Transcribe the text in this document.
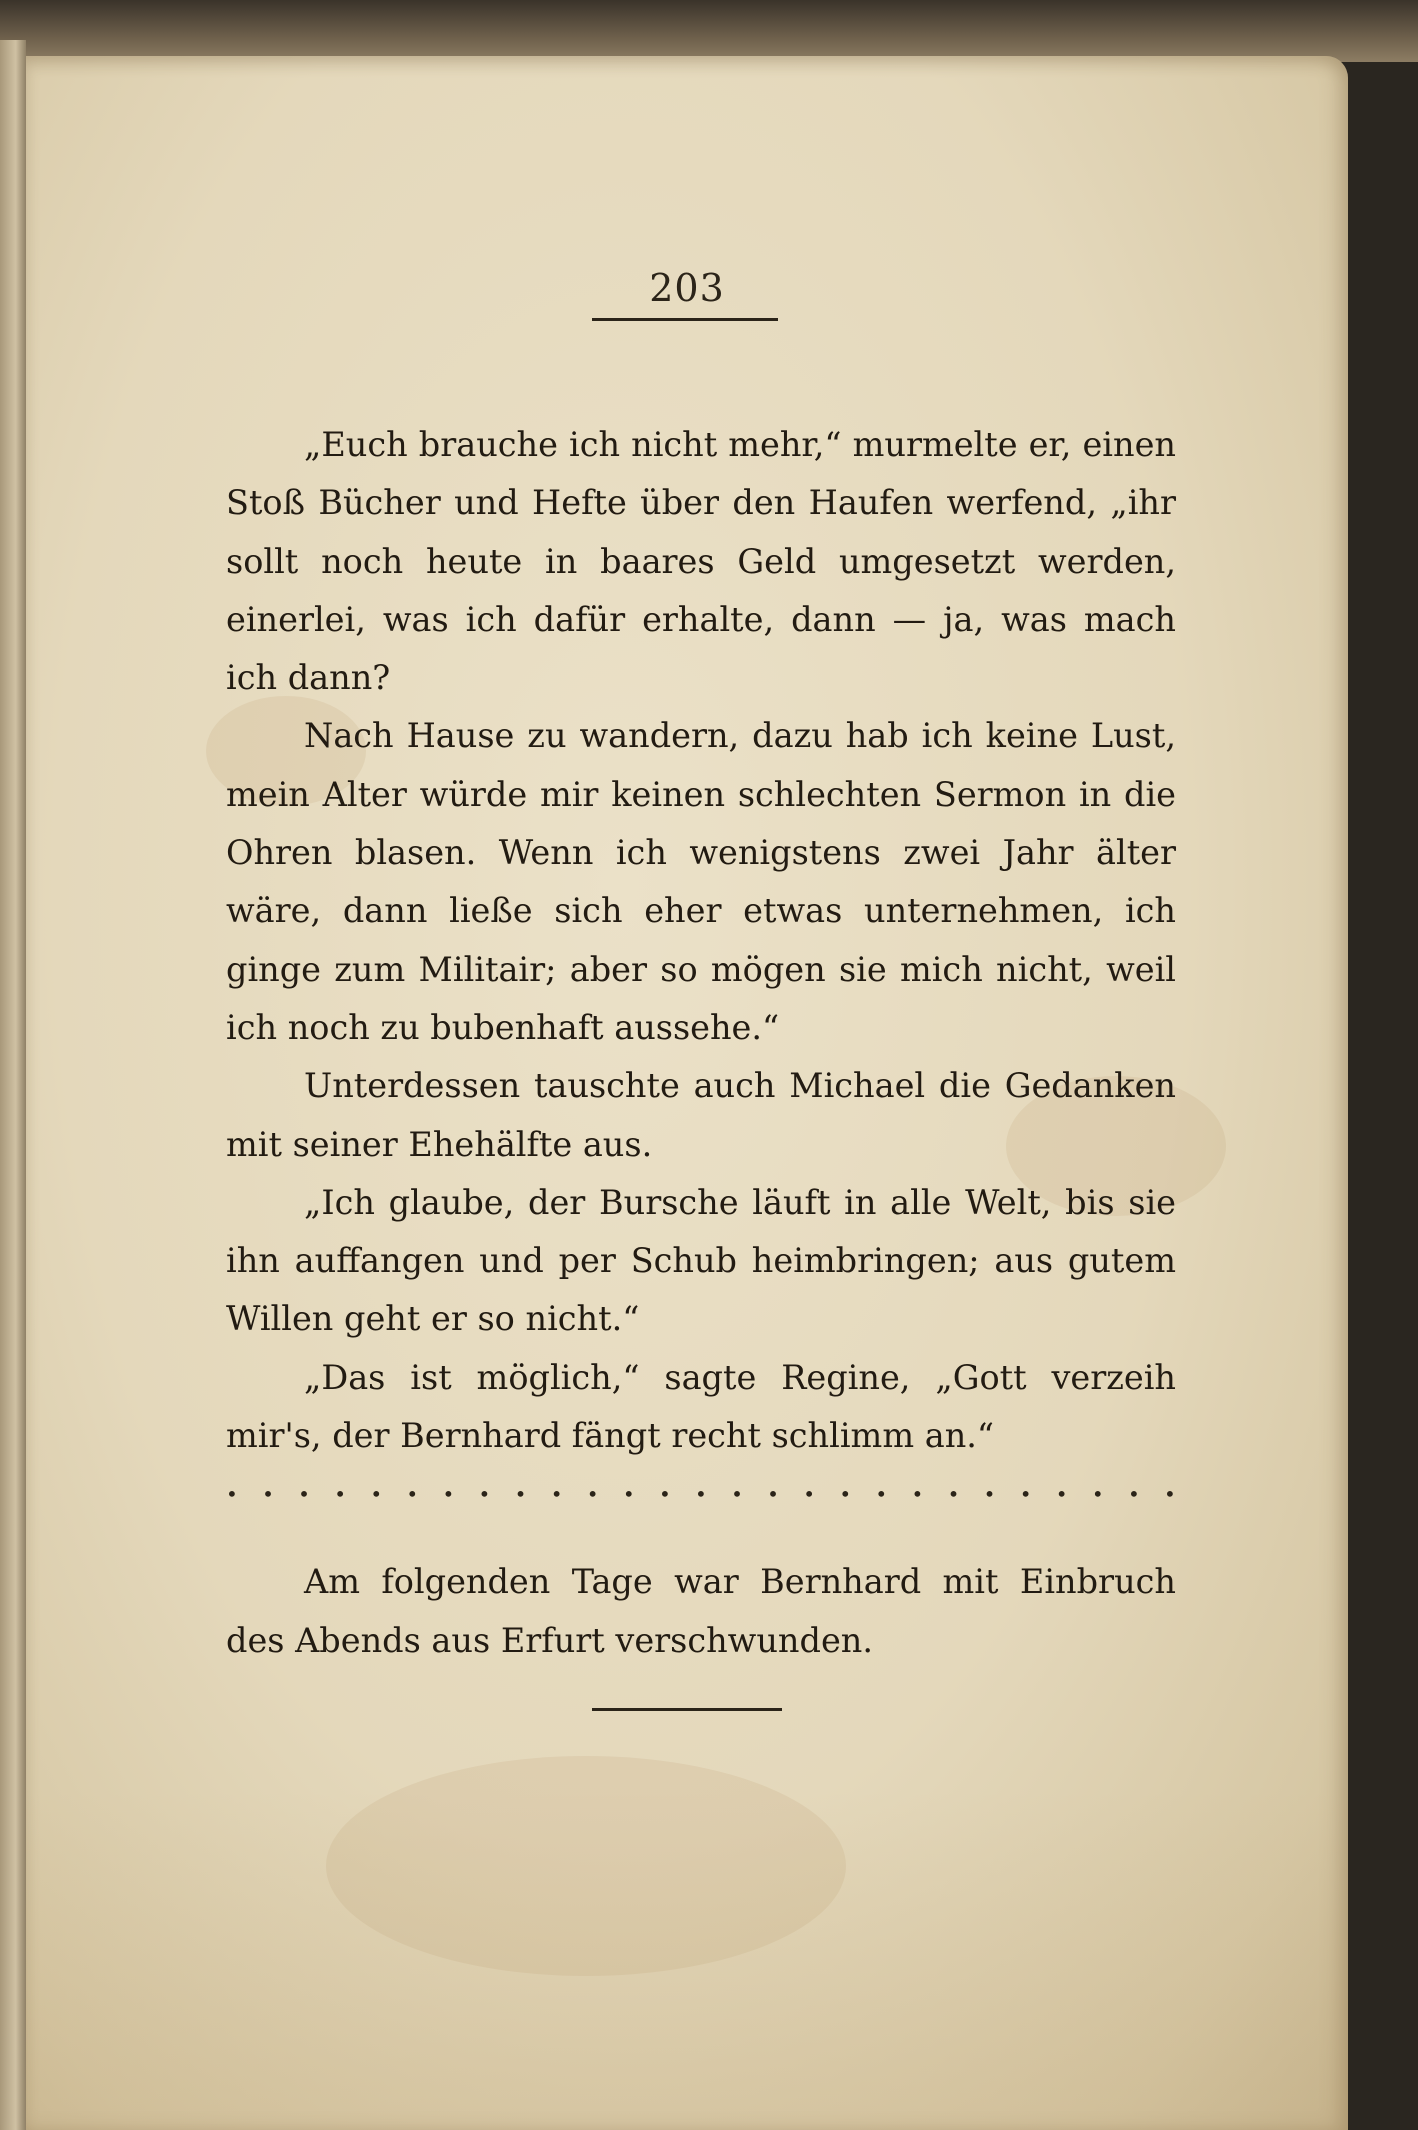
203

„Euch brauche ich nicht mehr,“ murmelte er, einen Stoß Bücher und Hefte über den Haufen werfend, „ihr sollt noch heute in baares Geld umgesetzt werden, einerlei, was ich dafür erhalte, dann — ja, was mach ich dann?

Nach Hause zu wandern, dazu hab ich keine Lust, mein Alter würde mir keinen schlechten Sermon in die Ohren blasen. Wenn ich wenigstens zwei Jahr älter wäre, dann ließe sich eher etwas unternehmen, ich ginge zum Militair; aber so mögen sie mich nicht, weil ich noch zu bubenhaft aussehe.“

Unterdessen tauschte auch Michael die Gedanken mit seiner Ehehälfte aus.

„Ich glaube, der Bursche läuft in alle Welt, bis sie ihn auffangen und per Schub heimbringen; aus gutem Willen geht er so nicht.“

„Das ist möglich,“ sagte Regine, „Gott verzeih mir's, der Bernhard fängt recht schlimm an.“

• • • • • • • • • • • • • • • • • • • • • • • • • • •

Am folgenden Tage war Bernhard mit Einbruch des Abends aus Erfurt verschwunden.
